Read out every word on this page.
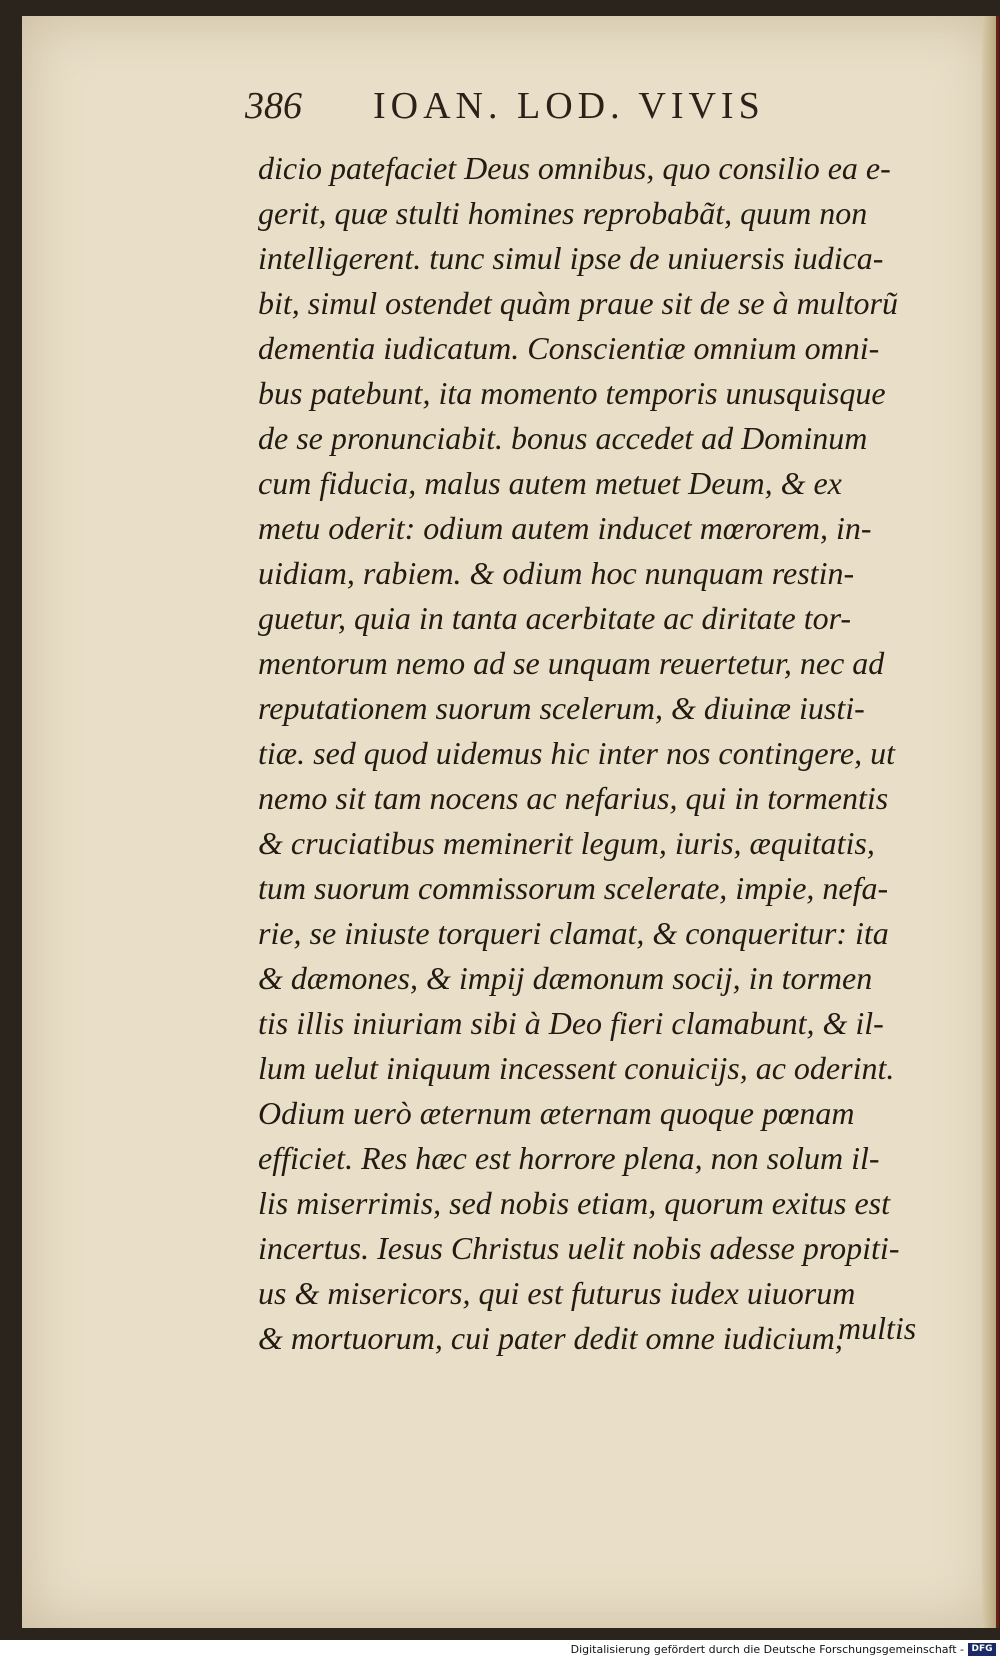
386 IOAN. LOD. VIVIS
dicio patefaciet Deus omnibus, quo consilio ea e-
gerit, quæ stulti homines reprobabãt, quum non
intelligerent. tunc simul ipse de uniuersis iudica-
bit, simul ostendet quàm praue sit de se à multorũ
dementia iudicatum. Conscientiæ omnium omni-
bus patebunt, ita momento temporis unusquisque
de se pronunciabit. bonus accedet ad Dominum
cum fiducia, malus autem metuet Deum, & ex
metu oderit: odium autem inducet mœrorem, in-
uidiam, rabiem. & odium hoc nunquam restin-
guetur, quia in tanta acerbitate ac diritate tor-
mentorum nemo ad se unquam reuertetur, nec ad
reputationem suorum scelerum, & diuinæ iusti-
tiæ. sed quod uidemus hic inter nos contingere, ut
nemo sit tam nocens ac nefarius, qui in tormentis
& cruciatibus meminerit legum, iuris, æquitatis,
tum suorum commissorum scelerate, impie, nefa-
rie, se iniuste torqueri clamat, & conqueritur: ita
& dæmones, & impij dæmonum socij, in tormen
tis illis iniuriam sibi à Deo fieri clamabunt, & il-
lum uelut iniquum incessent conuicijs, ac oderint.
Odium uerò æternum æternam quoque pœnam
efficiet. Res hæc est horrore plena, non solum il-
lis miserrimis, sed nobis etiam, quorum exitus est
incertus. Iesus Christus uelit nobis adesse propiti-
us & misericors, qui est futurus iudex uiuorum
& mortuorum, cui pater dedit omne iudicium,
multis
Digitalisierung gefördert durch die Deutsche Forschungsgemeinschaft - DFG
